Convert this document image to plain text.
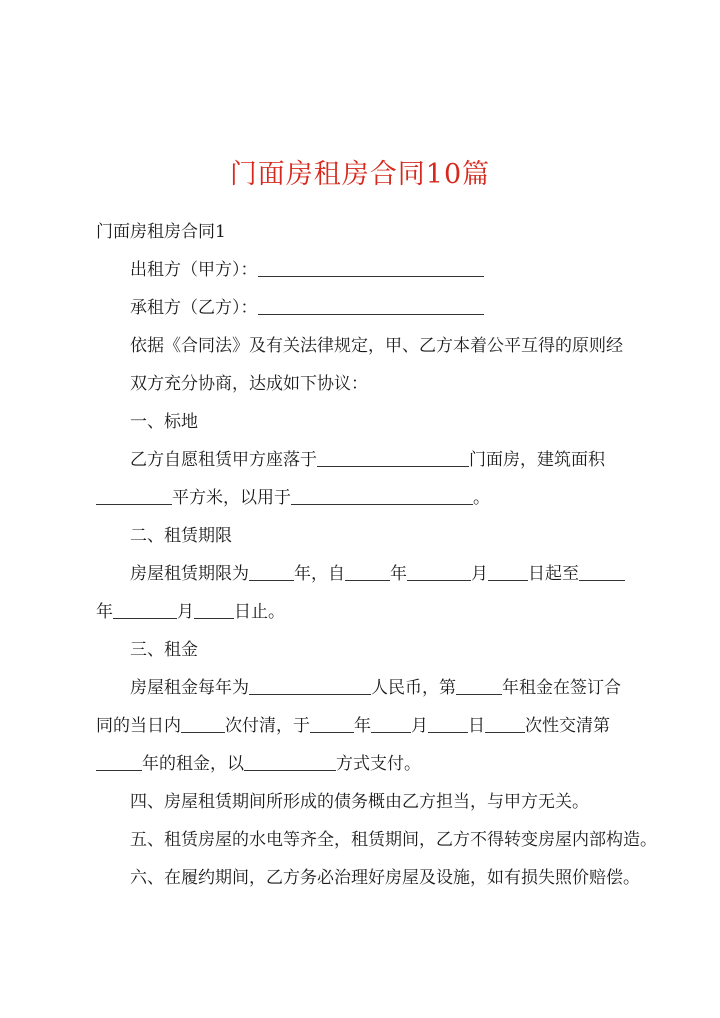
门面房租房合同10篇

门面房租房合同1

出租方（甲方）：

承租方（乙方）：

依据《合同法》及有关法律规定，甲、乙方本着公平互得的原则经双方充分协商，达成如下协议：

一、标地

乙方自愿租赁甲方座落于	门面房，建筑面积

平方米，以用于	。

二、租赁期限

房屋租赁期限为	年，自	年	月 日起至

年	月 日止。

三、租金

房屋租金每年为	人民币，第	年租金在签订合

同的当日内	次付清，于	年 月 日 次性交清第

年的租金，以	方式支付。

四、房屋租赁期间所形成的债务概由乙方担当，与甲方无关。

五、租赁房屋的水电等齐全，租赁期间，乙方不得转变房屋内部构造。

六、在履约期间，乙方务必治理好房屋及设施，如有损失照价赔偿。
